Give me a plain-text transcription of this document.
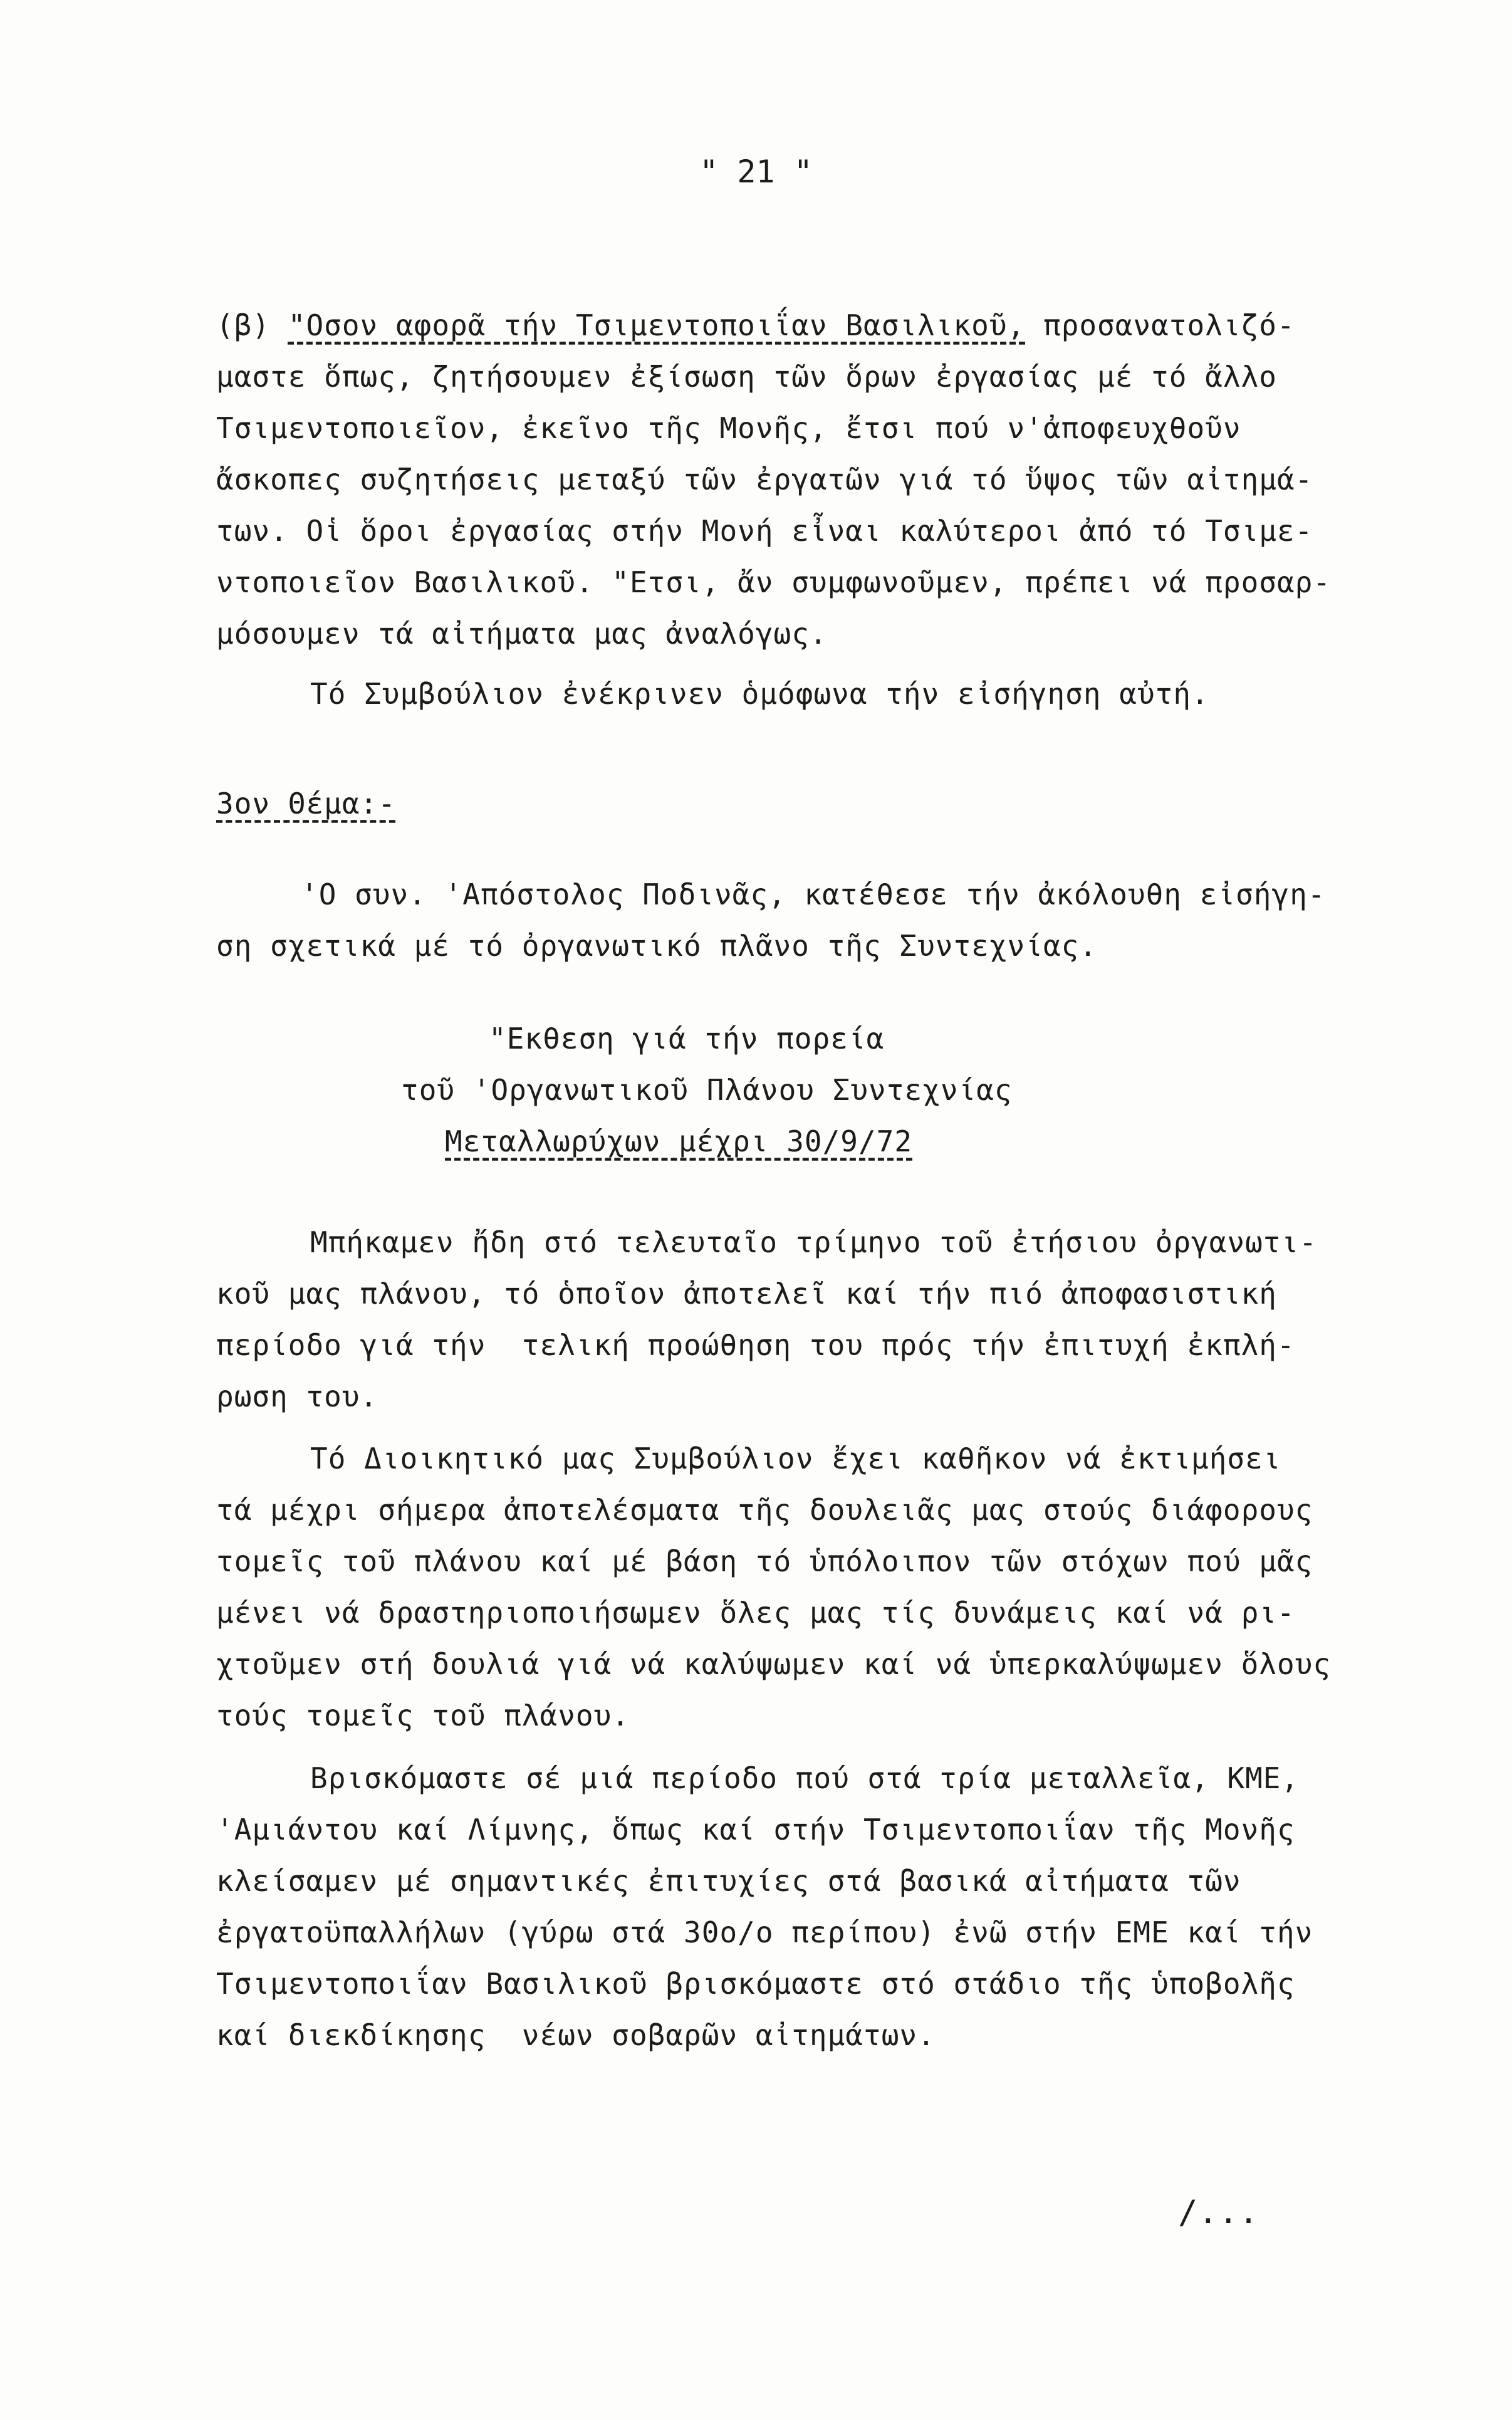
" 21 "
(β) "Οσον αφορᾶ τήν Τσιμεντοποιΐαν Βασιλικοῦ, προσανατολιζό-
μαστε ὅπως, ζητήσουμεν ἐξίσωση τῶν ὅρων ἐργασίας μέ τό ἄλλο
Τσιμεντοποιεῖον, ἐκεῖνο τῆς Μονῆς, ἔτσι πού ν'ἀποφευχθοῦν
ἄσκοπες συζητήσεις μεταξύ τῶν ἐργατῶν γιά τό ὕψος τῶν αἰτημά-
των. Οἱ ὅροι ἐργασίας στήν Μονή εἶναι καλύτεροι ἀπό τό Τσιμε-
ντοποιεῖον Βασιλικοῦ. "Ετσι, ἄν συμφωνοῦμεν, πρέπει νά προσαρ-
μόσουμεν τά αἰτήματα μας ἀναλόγως.
Τό Συμβούλιον ἐνέκρινεν ὁμόφωνα τήν εἰσήγηση αὐτή.
3ον Θέμα:-
'Ο συν. 'Απόστολος Ποδινᾶς, κατέθεσε τήν ἀκόλουθη εἰσήγη-
ση σχετικά μέ τό ὀργανωτικό πλᾶνο τῆς Συντεχνίας.
"Εκθεση γιά τήν πορεία
τοῦ 'Οργανωτικοῦ Πλάνου Συντεχνίας
Μεταλλωρύχων μέχρι 30/9/72
Μπήκαμεν ἤδη στό τελευταῖο τρίμηνο τοῦ ἐτήσιου ὀργανωτι-
κοῦ μας πλάνου, τό ὁποῖον ἀποτελεῖ καί τήν πιό ἀποφασιστική
περίοδο γιά τήν  τελική προώθηση του πρός τήν ἐπιτυχή ἐκπλή-
ρωση του.
Τό Διοικητικό μας Συμβούλιον ἔχει καθῆκον νά ἐκτιμήσει
τά μέχρι σήμερα ἀποτελέσματα τῆς δουλειᾶς μας στούς διάφορους
τομεῖς τοῦ πλάνου καί μέ βάση τό ὑπόλοιπον τῶν στόχων πού μᾶς
μένει νά δραστηριοποιήσωμεν ὅλες μας τίς δυνάμεις καί νά ρι-
χτοῦμεν στή δουλιά γιά νά καλύψωμεν καί νά ὑπερκαλύψωμεν ὅλους
τούς τομεῖς τοῦ πλάνου.
Βρισκόμαστε σέ μιά περίοδο πού στά τρία μεταλλεῖα, ΚΜΕ,
'Αμιάντου καί Λίμνης, ὅπως καί στήν Τσιμεντοποιΐαν τῆς Μονῆς
κλείσαμεν μέ σημαντικές ἐπιτυχίες στά βασικά αἰτήματα τῶν
ἐργατοϋπαλλήλων (γύρω στά 30ο/ο περίπου) ἐνῶ στήν ΕΜΕ καί τήν
Τσιμεντοποιΐαν Βασιλικοῦ βρισκόμαστε στό στάδιο τῆς ὑποβολῆς
καί διεκδίκησης  νέων σοβαρῶν αἰτημάτων.
/...
